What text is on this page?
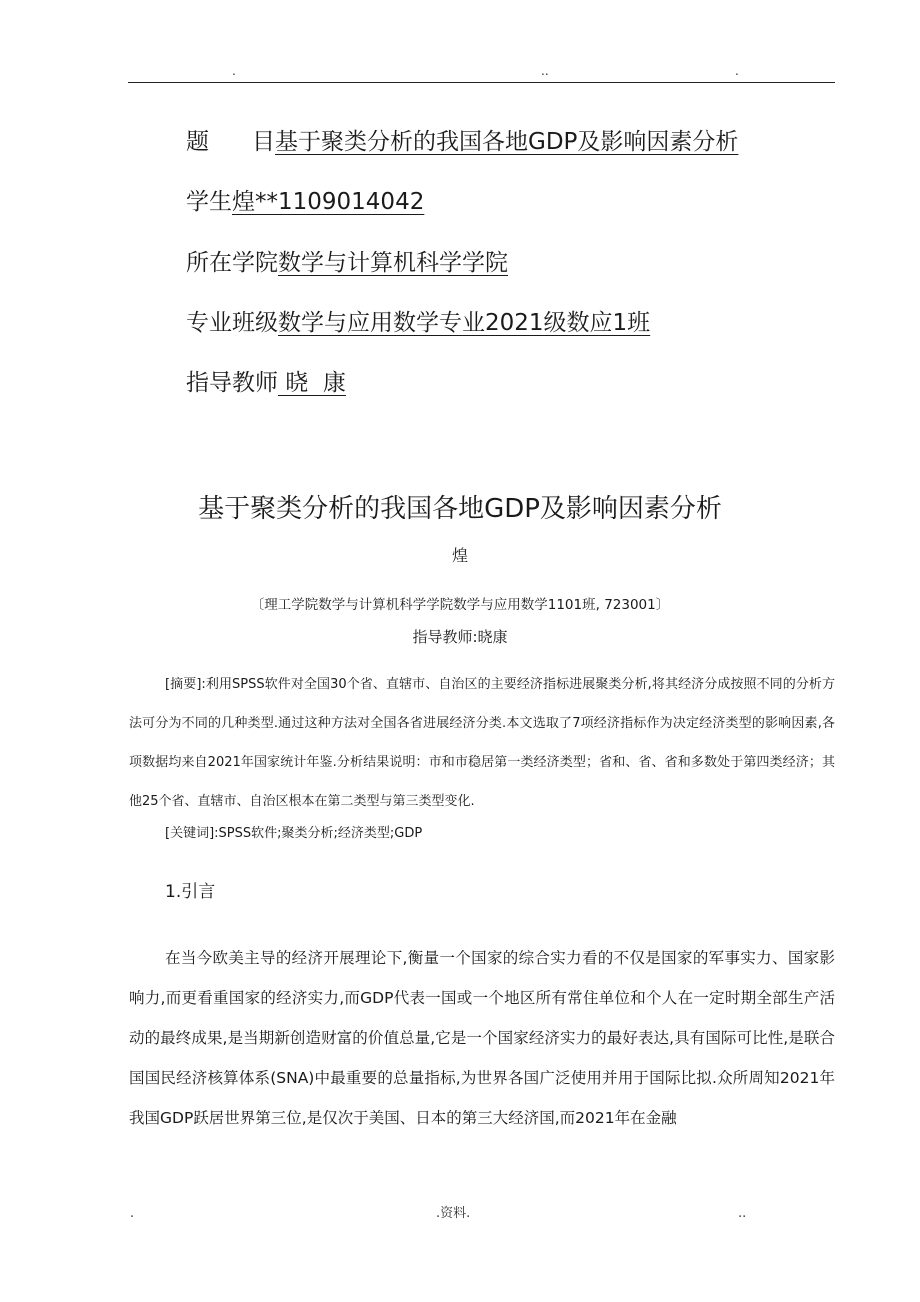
.	..	.
题 目基于聚类分析的我国各地GDP及影响因素分析
学生煌**1109014042
所在学院数学与计算机科学学院
专业班级数学与应用数学专业2021级数应1班
指导教师 晓  康
基于聚类分析的我国各地GDP及影响因素分析
煌
〔理工学院数学与计算机科学学院数学与应用数学1101班, 723001〕
指导教师:晓康

[摘要]:利用SPSS软件对全国30个省、直辖市、自治区的主要经济指标进展聚类分析,将其经济分成按照不同的分析方法可分为不同的几种类型.通过这种方法对全国各省进展经济分类.本文选取了7项经济指标作为决定经济类型的影响因素,各项数据均来自2021年国家统计年鉴.分析结果说明：市和市稳居第一类经济类型；省和、省、省和多数处于第四类经济；其他25个省、直辖市、自治区根本在第二类型与第三类型变化.

[关键词]:SPSS软件;聚类分析;经济类型;GDP
1.引言

在当今欧美主导的经济开展理论下,衡量一个国家的综合实力看的不仅是国家的军事实力、国家影响力,而更看重国家的经济实力,而GDP代表一国或一个地区所有常住单位和个人在一定时期全部生产活动的最终成果,是当期新创造财富的价值总量,它是一个国家经济实力的最好表达,具有国际可比性,是联合国国民经济核算体系(SNA)中最重要的总量指标,为世界各国广泛使用并用于国际比拟.众所周知2021年我国GDP跃居世界第三位,是仅次于美国、日本的第三大经济国,而2021年在金融

.	.资料.	..
